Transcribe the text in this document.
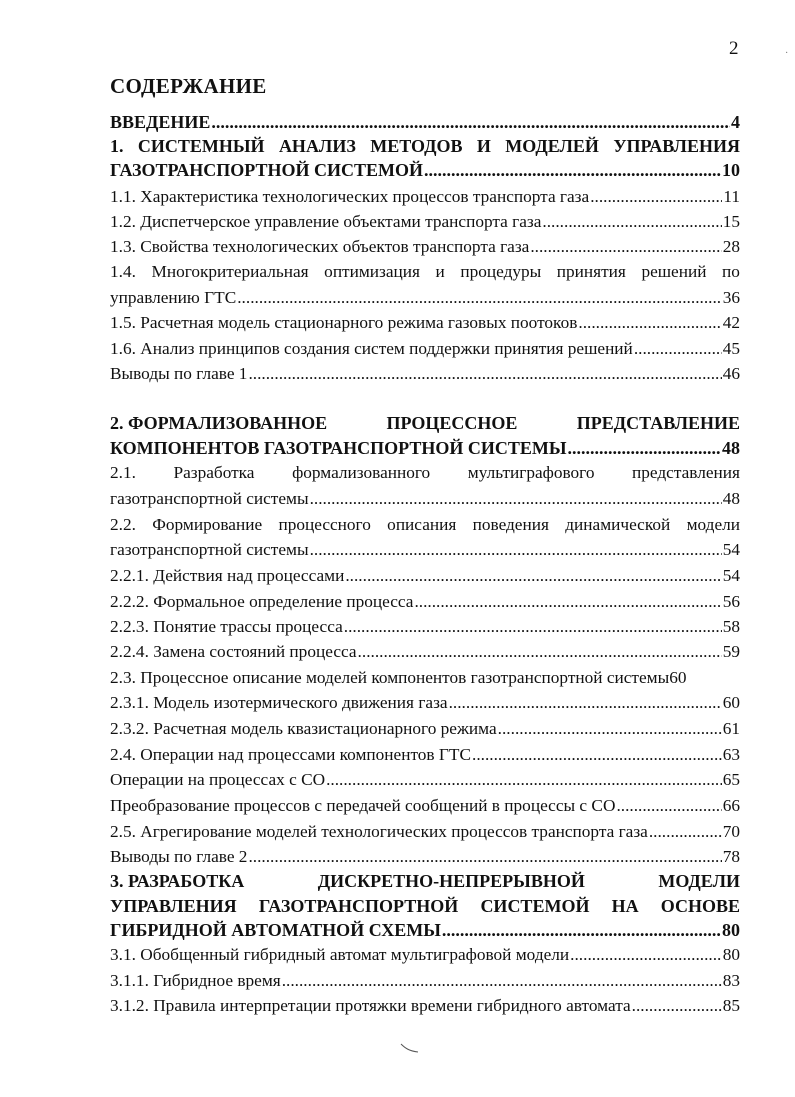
2	·
СОДЕРЖАНИЕ
ВВЕДЕНИЕ .....	4
1. СИСТЕМНЫЙ АНАЛИЗ МЕТОДОВ И МОДЕЛЕЙ УПРАВЛЕНИЯ
ГАЗОТРАНСПОРТНОЙ СИСТЕМОЙ .....	10
1.1. Характеристика технологических процессов транспорта газа .....	11
1.2. Диспетчерское управление объектами транспорта газа .....	15
1.3. Свойства технологических объектов транспорта газа .....	28
1.4. Многокритериальная оптимизация и процедуры принятия решений по
управлению ГТС .....	36
1.5. Расчетная модель стационарного режима газовых поотоков .....	42
1.6. Анализ принципов создания систем поддержки принятия решений .....	45
Выводы по главе 1 .....	46
2. ФОРМАЛИЗОВАННОЕ	ПРОЦЕССНОЕ	ПРЕДСТАВЛЕНИЕ
КОМПОНЕНТОВ ГАЗОТРАНСПОРТНОЙ СИСТЕМЫ .....	48
2.1. Разработка формализованного мультиграфового представления
газотранспортной системы .....	48
2.2. Формирование процессного описания поведения динамической модели
газотранспортной системы .....	54
2.2.1. Действия над процессами .....	54
2.2.2. Формальное определение процесса .....	56
2.2.3. Понятие трассы процесса .....	58
2.2.4. Замена состояний процесса .....	59
2.3. Процессное описание моделей компонентов газотранспортной системы 60
2.3.1. Модель изотермического движения газа .....	60
2.3.2. Расчетная модель квазистационарного режима .....	61
2.4. Операции над процессами компонентов ГТС .....	63
Операции на процессах с СО .....	65
Преобразование процессов с передачей сообщений в процессы с СО .....	66
2.5. Агрегирование моделей технологических процессов транспорта газа .....	70
Выводы по главе 2 .....	78
3. РАЗРАБОТКА	ДИСКРЕТНО-НЕПРЕРЫВНОЙ	МОДЕЛИ
УПРАВЛЕНИЯ ГАЗОТРАНСПОРТНОЙ СИСТЕМОЙ НА ОСНОВЕ
ГИБРИДНОЙ АВТОМАТНОЙ СХЕМЫ .....	80
3.1. Обобщенный гибридный автомат мультиграфовой модели .....	80
3.1.1. Гибридное время .....	83
3.1.2. Правила интерпретации протяжки времени гибридного автомата .....	85
